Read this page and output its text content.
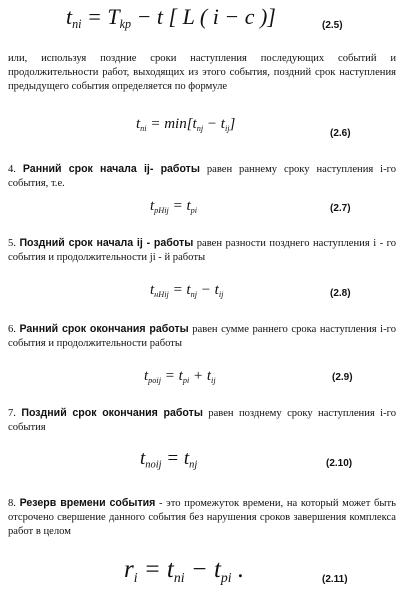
$t_{ni} = T_{kp} - t$ [ L ( i − c )]	(2.5)
или, используя поздние сроки наступления последующих событий и продолжительности работ, выходящих из этого события, поздний срок наступления предыдущего события определяется по формуле
$t_{ni} = \min[t_{nj} - t_{ij}]$
(2.6)
4. Ранний срок начала ij- работы равен раннему сроку наступления i-го события, т.е.
$t_{pHij} = t_{pi}$	(2.7)
5. Поздний срок начала ij - работы равен разности позднего наступления i - го события и продолжительности ji - й работы
$t_{нHij} = t_{nj} - t_{ij}$	(2.8)
6. Ранний срок окончания работы равен сумме раннего срока наступления i-го события и продолжительности работы
$t_{poij} = t_{pi} + t_{ij}$	(2.9)
7. Поздний срок окончания работы равен позднему сроку наступления i-го события
$t_{noij} = t_{nj}$	(2.10)
8. Резерв времени события - это промежуток времени, на который может быть отсрочено свершение данного события без нарушения сроков завершения комплекса работ в целом
$r_i = t_{ni} - t_{pi}$ .	(2.11)
